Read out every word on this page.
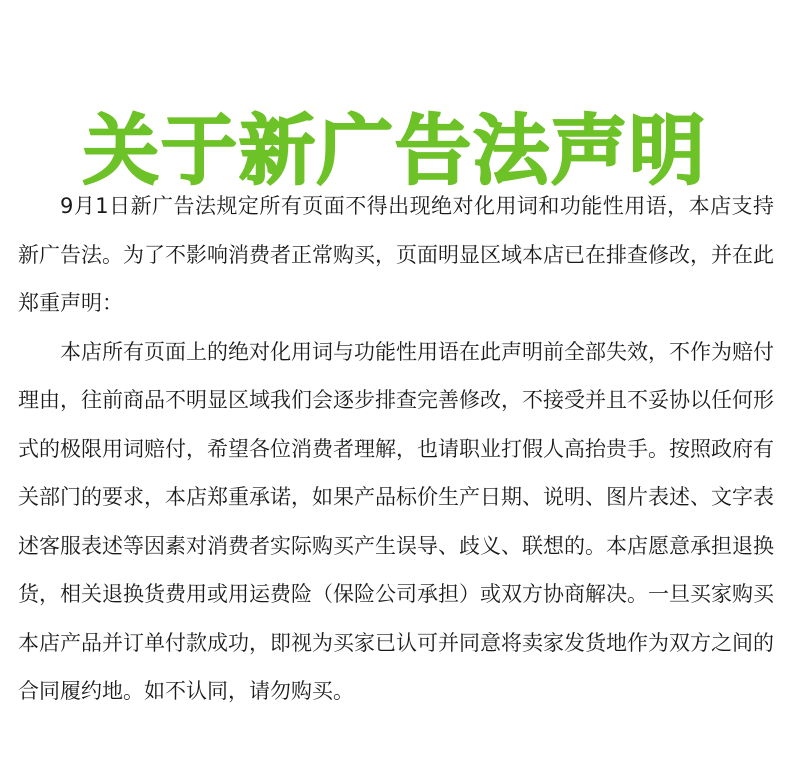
关于新广告法声明

9月1日新广告法规定所有页面不得出现绝对化用词和功能性用语，本店支持新广告法。为了不影响消费者正常购买，页面明显区域本店已在排查修改，并在此郑重声明：

本店所有页面上的绝对化用词与功能性用语在此声明前全部失效，不作为赔付理由，往前商品不明显区域我们会逐步排查完善修改，不接受并且不妥协以任何形式的极限用词赔付，希望各位消费者理解，也请职业打假人高抬贵手。按照政府有关部门的要求，本店郑重承诺，如果产品标价生产日期、说明、图片表述、文字表述客服表述等因素对消费者实际购买产生误导、歧义、联想的。本店愿意承担退换货，相关退换货费用或用运费险（保险公司承担）或双方协商解决。一旦买家购买本店产品并订单付款成功，即视为买家已认可并同意将卖家发货地作为双方之间的合同履约地。如不认同，请勿购买。
